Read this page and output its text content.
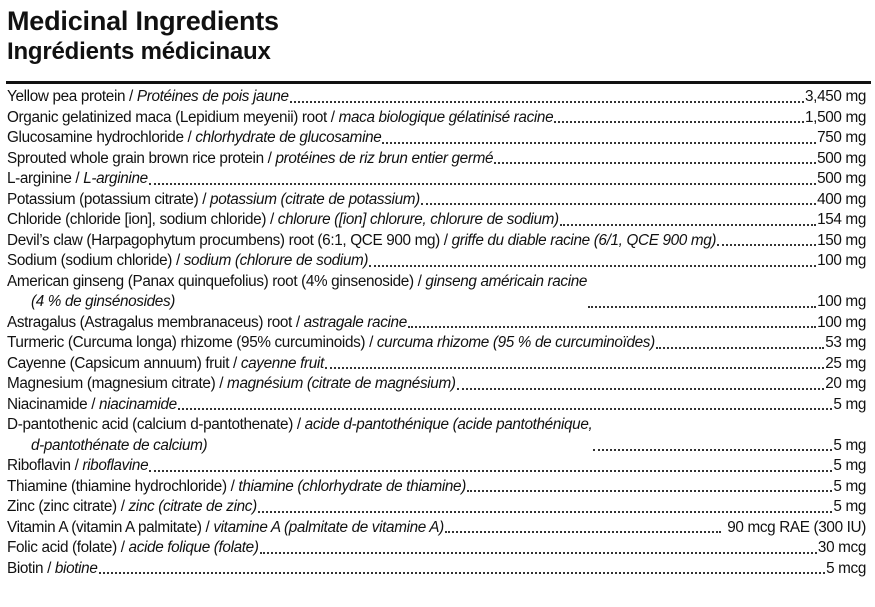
Medicinal Ingredients
Ingrédients médicinaux
Yellow pea protein / Protéines de pois jaune	3,450 mg
Organic gelatinized maca (Lepidium meyenii) root / maca biologique gélatinisé racine	1,500 mg
Glucosamine hydrochloride / chlorhydrate de glucosamine	750 mg
Sprouted whole grain brown rice protein / protéines de riz brun entier germé	500 mg
L-arginine / L-arginine	500 mg
Potassium (potassium citrate) / potassium (citrate de potassium)	400 mg
Chloride (chloride [ion], sodium chloride) / chlorure ([ion] chlorure, chlorure de sodium)	154 mg
Devil’s claw (Harpagophytum procumbens) root (6:1, QCE 900 mg) / griffe du diable racine (6/1, QCE 900 mg)	150 mg
Sodium (sodium chloride) / sodium (chlorure de sodium)	100 mg
American ginseng (Panax quinquefolius) root (4% ginsenoside) / ginseng américain racine
(4 % de ginsénosides)	100 mg
Astragalus (Astragalus membranaceus) root / astragale racine	100 mg
Turmeric (Curcuma longa) rhizome (95% curcuminoids) / curcuma rhizome (95 % de curcuminoïdes)	53 mg
Cayenne (Capsicum annuum) fruit / cayenne fruit	25 mg
Magnesium (magnesium citrate) / magnésium (citrate de magnésium)	20 mg
Niacinamide / niacinamide	5 mg
D-pantothenic acid (calcium d-pantothenate) / acide d-pantothénique (acide pantothénique,
d-pantothénate de calcium)	5 mg
Riboflavin / riboflavine	5 mg
Thiamine (thiamine hydrochloride) / thiamine (chlorhydrate de thiamine)	5 mg
Zinc (zinc citrate) / zinc (citrate de zinc)	5 mg
Vitamin A (vitamin A palmitate) / vitamine A (palmitate de vitamine A)	90 mcg RAE (300 IU)
Folic acid (folate) / acide folique (folate)	30 mcg
Biotin / biotine	5 mcg
